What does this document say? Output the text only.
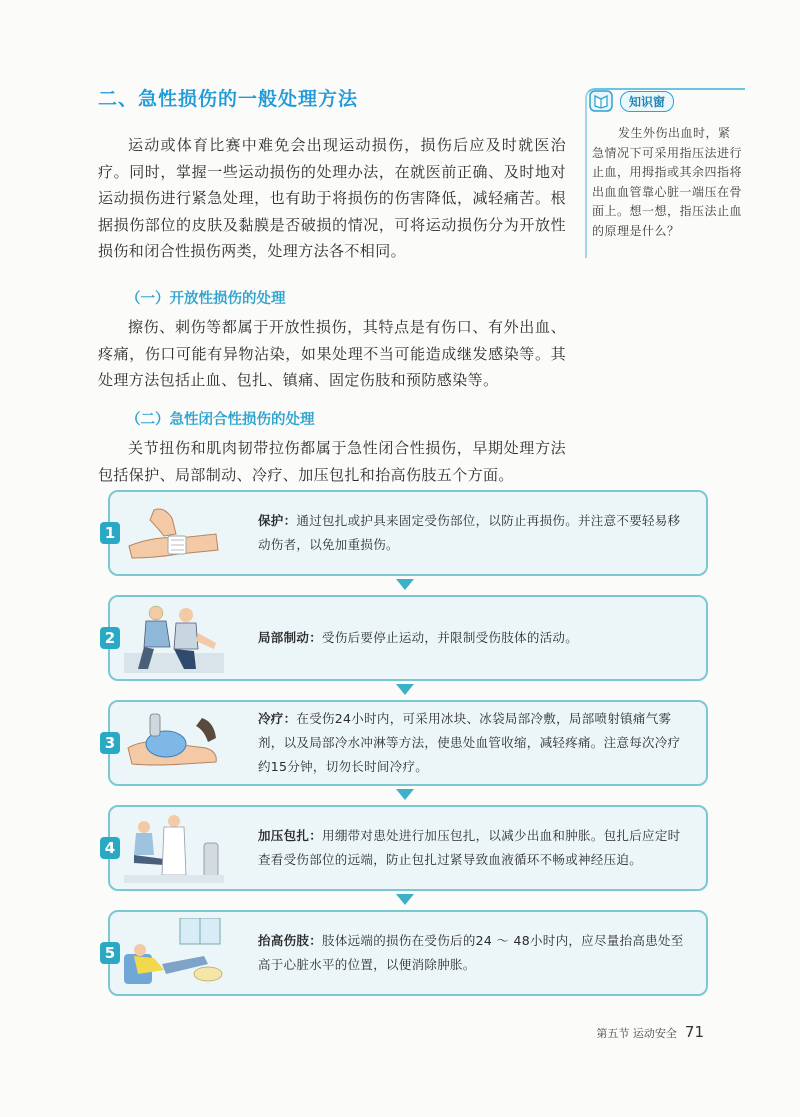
二、急性损伤的一般处理方法

运动或体育比赛中难免会出现运动损伤，损伤后应及时就医治疗。同时，掌握一些运动损伤的处理办法，在就医前正确、及时地对运动损伤进行紧急处理，也有助于将损伤的伤害降低，减轻痛苦。根据损伤部位的皮肤及黏膜是否破损的情况，可将运动损伤分为开放性损伤和闭合性损伤两类，处理方法各不相同。

知识窗

发生外伤出血时，紧急情况下可采用指压法进行止血，用拇指或其余四指将出血血管靠心脏一端压在骨面上。想一想，指压法止血的原理是什么？

（一）开放性损伤的处理

擦伤、刺伤等都属于开放性损伤，其特点是有伤口、有外出血、疼痛，伤口可能有异物沾染，如果处理不当可能造成继发感染等。其处理方法包括止血、包扎、镇痛、固定伤肢和预防感染等。

（二）急性闭合性损伤的处理

关节扭伤和肌肉韧带拉伤都属于急性闭合性损伤，早期处理方法包括保护、局部制动、冷疗、加压包扎和抬高伤肢五个方面。

1

保护：通过包扎或护具来固定受伤部位，以防止再损伤。并注意不要轻易移动伤者，以免加重损伤。

2	局部制动：受伤后要停止运动，并限制受伤肢体的活动。

3

冷疗：在受伤24小时内，可采用冰块、冰袋局部冷敷，局部喷射镇痛气雾剂，以及局部冷水冲淋等方法，使患处血管收缩，减轻疼痛。注意每次冷疗约15分钟，切勿长时间冷疗。

4

加压包扎：用绷带对患处进行加压包扎，以减少出血和肿胀。包扎后应定时查看受伤部位的远端，防止包扎过紧导致血液循环不畅或神经压迫。

5

抬高伤肢：肢体远端的损伤在受伤后的24 ～ 48小时内，应尽量抬高患处至高于心脏水平的位置，以便消除肿胀。

第五节 运动安全 71
